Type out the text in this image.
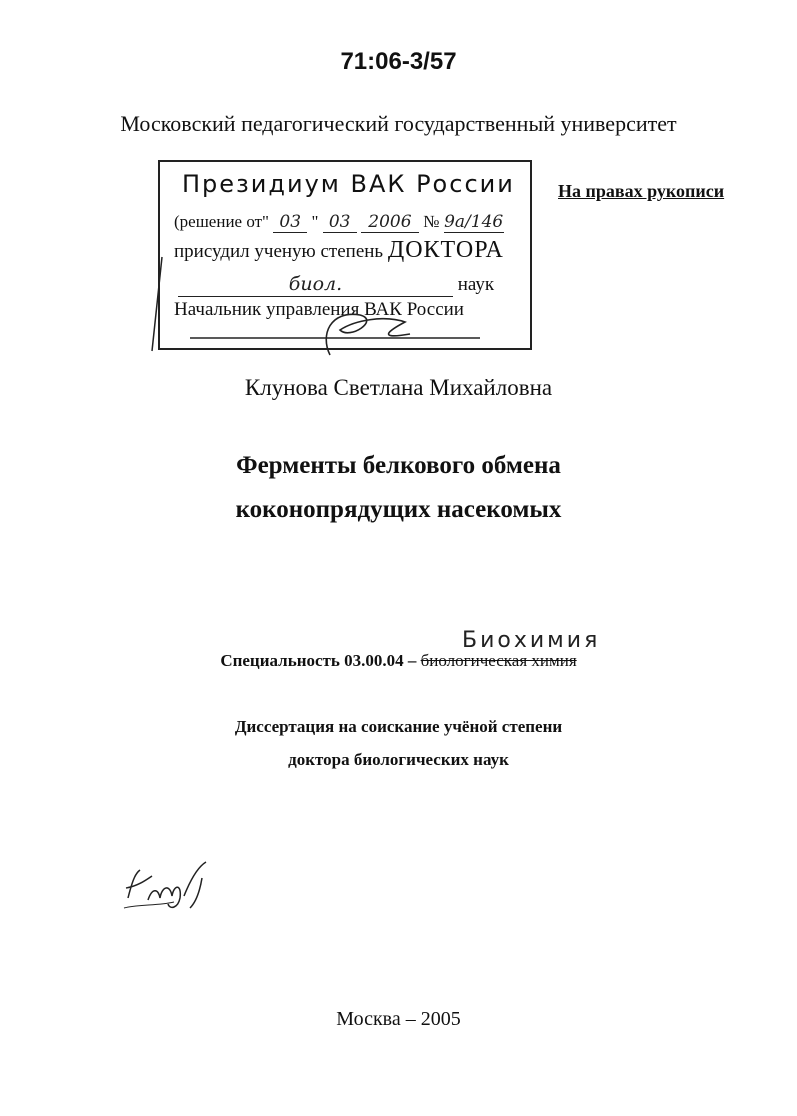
71:06-3/57
Московский педагогический государственный университет
Президиум ВАК России
(решение от" 03 " 03 2006 № 9a/146
присудил ученую степень ДОКТОРА
биол.	наук
Начальник управления ВАК России
На правах рукописи
Клунова Светлана Михайловна
Ферменты белкового обмена
коконопрядущих насекомых
Биохимия
Специальность 03.00.04 – биологическая химия
Диссертация на соискание учёной степени
доктора биологических наук
Москва – 2005
